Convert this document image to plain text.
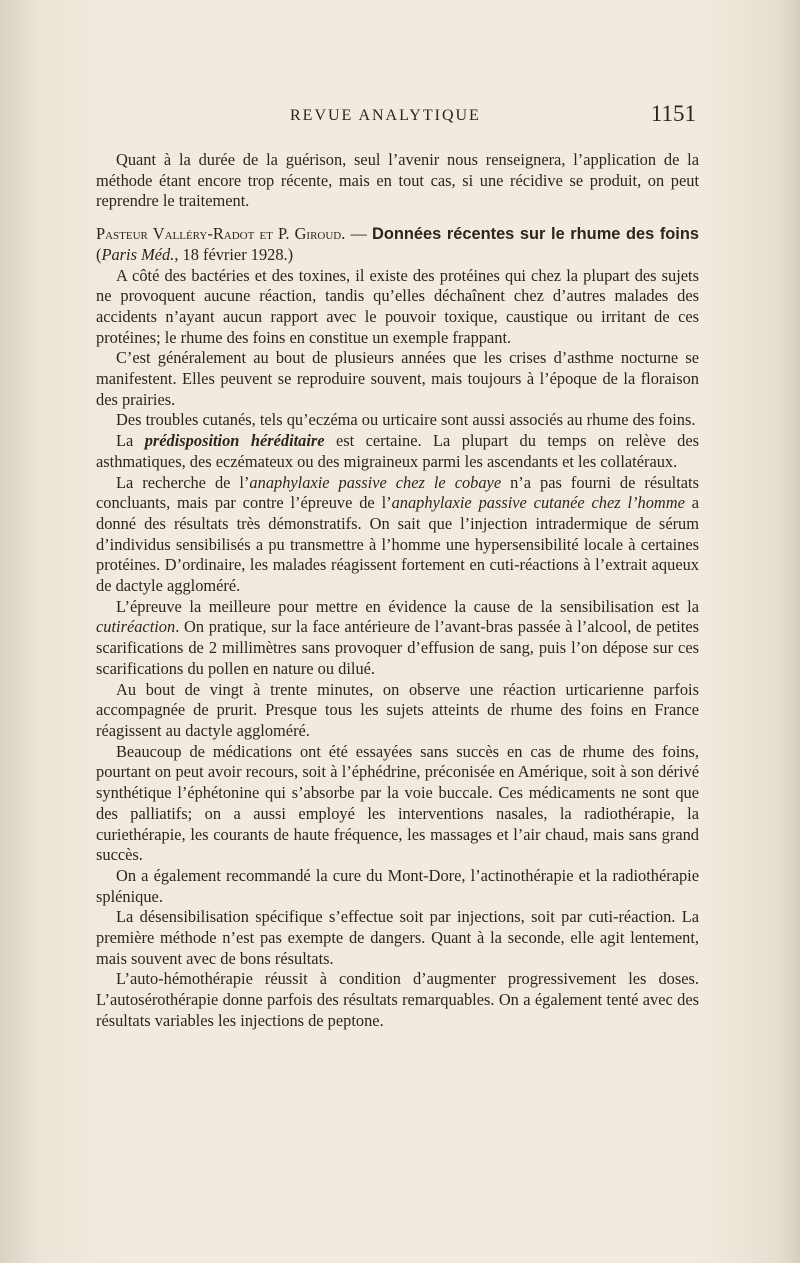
REVUE ANALYTIQUE	1151

Quant à la durée de la guérison, seul l’avenir nous renseignera, l’application de la méthode étant encore trop récente, mais en tout cas, si une récidive se produit, on peut reprendre le traitement.

Pasteur Valléry-Radot et P. Giroud. — Données récentes sur le rhume des foins (Paris Méd., 18 février 1928.)

A côté des bactéries et des toxines, il existe des protéines qui chez la plupart des sujets ne provoquent aucune réaction, tandis qu’elles déchaînent chez d’autres malades des accidents n’ayant aucun rapport avec le pouvoir toxique, caustique ou irritant de ces protéines; le rhume des foins en constitue un exemple frappant.

C’est généralement au bout de plusieurs années que les crises d’asthme nocturne se manifestent. Elles peuvent se reproduire souvent, mais toujours à l’époque de la floraison des prairies.

Des troubles cutanés, tels qu’eczéma ou urticaire sont aussi associés au rhume des foins.

La prédisposition héréditaire est certaine. La plupart du temps on relève des asthmatiques, des eczémateux ou des migraineux parmi les ascendants et les collatéraux.

La recherche de l’anaphylaxie passive chez le cobaye n’a pas fourni de résultats concluants, mais par contre l’épreuve de l’anaphylaxie passive cutanée chez l’homme a donné des résultats très démonstratifs. On sait que l’injection intradermique de sérum d’individus sensibilisés a pu transmettre à l’homme une hypersensibilité locale à certaines protéines. D’ordinaire, les malades réagissent fortement en cuti-réactions à l’extrait aqueux de dactyle aggloméré.

L’épreuve la meilleure pour mettre en évidence la cause de la sensibilisation est la cutiréaction. On pratique, sur la face antérieure de l’avant-bras passée à l’alcool, de petites scarifications de 2 millimètres sans provoquer d’effusion de sang, puis l’on dépose sur ces scarifications du pollen en nature ou dilué.

Au bout de vingt à trente minutes, on observe une réaction urticarienne parfois accompagnée de prurit. Presque tous les sujets atteints de rhume des foins en France réagissent au dactyle aggloméré.

Beaucoup de médications ont été essayées sans succès en cas de rhume des foins, pourtant on peut avoir recours, soit à l’éphédrine, préconisée en Amérique, soit à son dérivé synthétique l’éphétonine qui s’absorbe par la voie buccale. Ces médicaments ne sont que des palliatifs; on a aussi employé les interventions nasales, la radiothérapie, la curiethérapie, les courants de haute fréquence, les massages et l’air chaud, mais sans grand succès.

On a également recommandé la cure du Mont-Dore, l’actinothérapie et la radiothérapie splénique.

La désensibilisation spécifique s’effectue soit par injections, soit par cuti-réaction. La première méthode n’est pas exempte de dangers. Quant à la seconde, elle agit lentement, mais souvent avec de bons résultats.

L’auto-hémothérapie réussit à condition d’augmenter progressivement les doses. L’autosérothérapie donne parfois des résultats remarquables. On a également tenté avec des résultats variables les injections de peptone.
